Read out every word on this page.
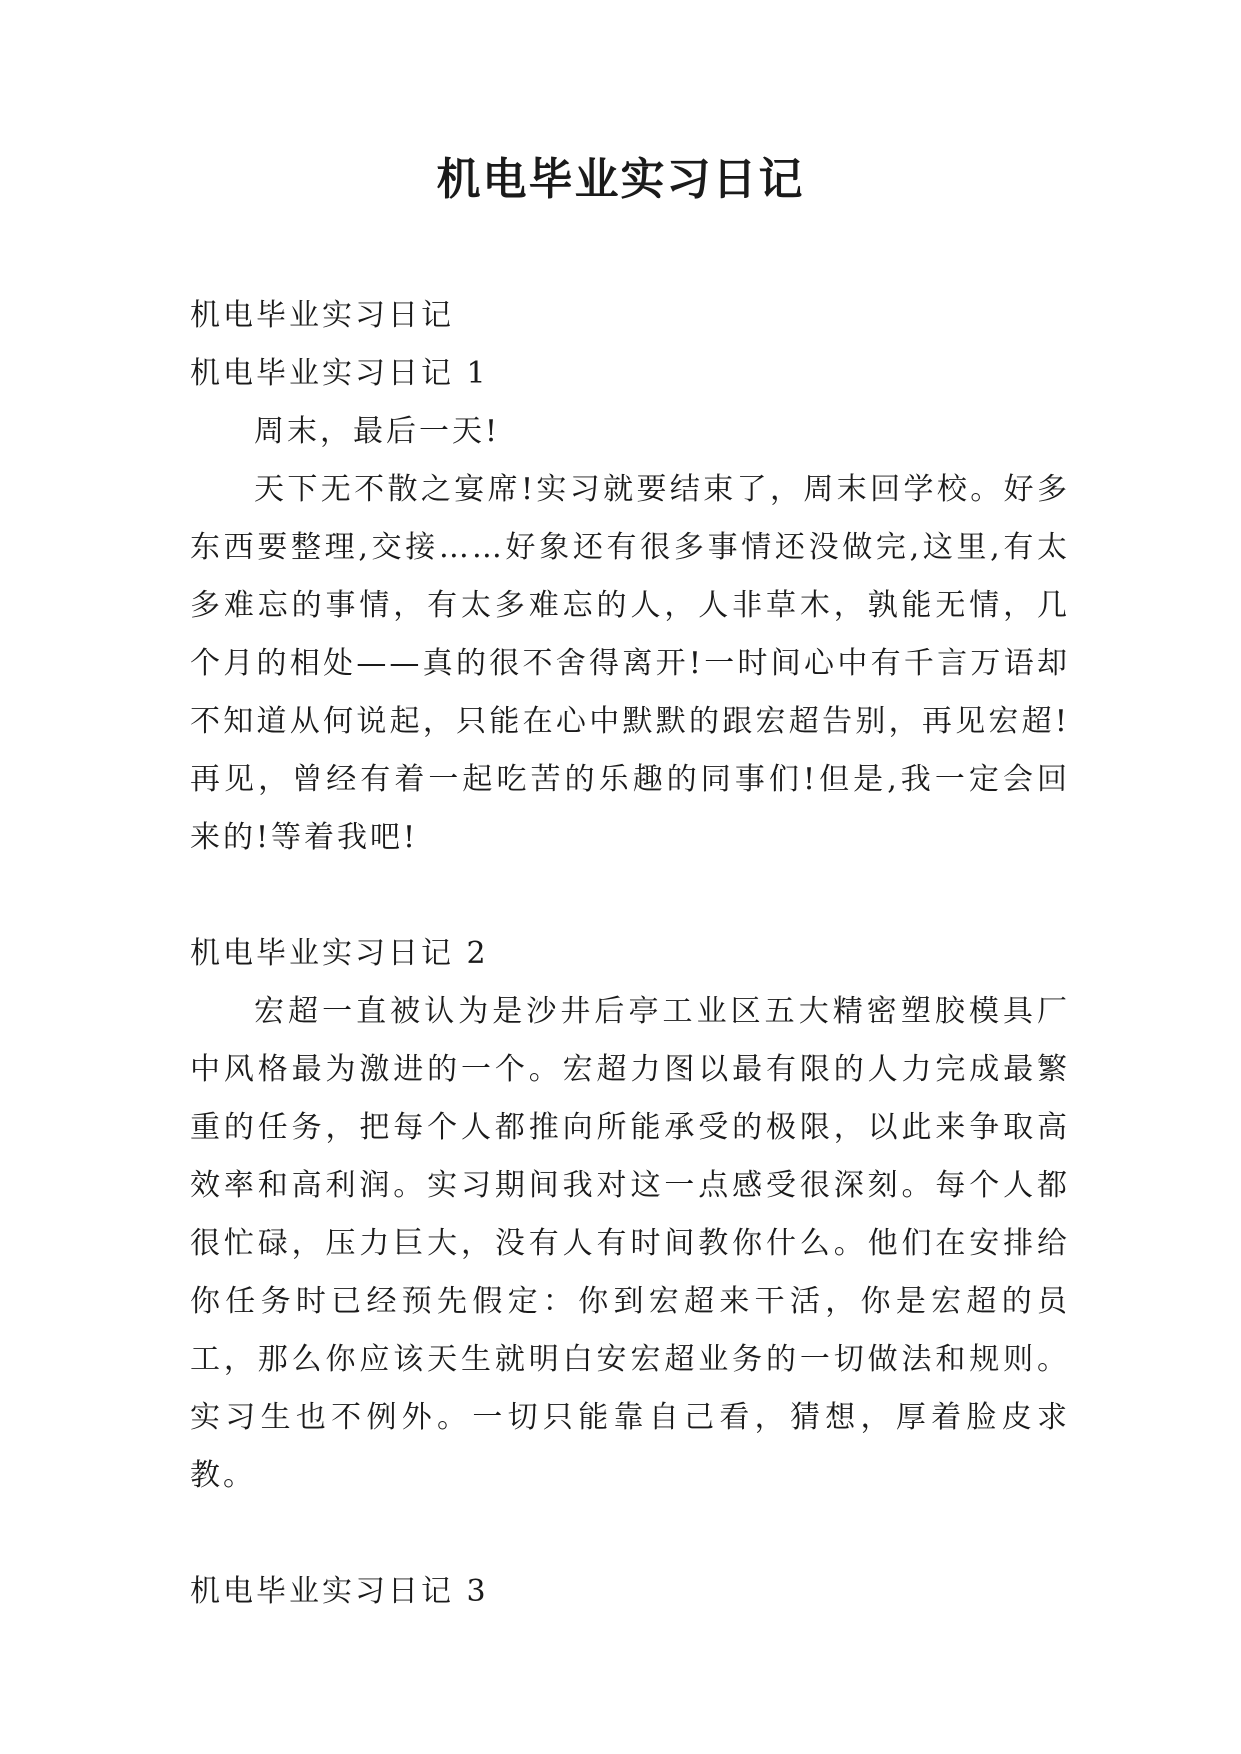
机电毕业实习日记

机电毕业实习日记

机电毕业实习日记 1

周末，最后一天!

天下无不散之宴席!实习就要结束了，周末回学校。好多东西要整理,交接……好象还有很多事情还没做完,这里,有太多难忘的事情，有太多难忘的人，人非草木，孰能无情，几个月的相处——真的很不舍得离开!一时间心中有千言万语却不知道从何说起，只能在心中默默的跟宏超告别，再见宏超!再见，曾经有着一起吃苦的乐趣的同事们!但是,我一定会回来的!等着我吧!

机电毕业实习日记 2

宏超一直被认为是沙井后亭工业区五大精密塑胶模具厂中风格最为激进的一个。宏超力图以最有限的人力完成最繁重的任务，把每个人都推向所能承受的极限，以此来争取高效率和高利润。实习期间我对这一点感受很深刻。每个人都很忙碌，压力巨大，没有人有时间教你什么。他们在安排给你任务时已经预先假定：你到宏超来干活，你是宏超的员工，那么你应该天生就明白安宏超业务的一切做法和规则。实习生也不例外。一切只能靠自己看，猜想，厚着脸皮求教。

机电毕业实习日记 3
